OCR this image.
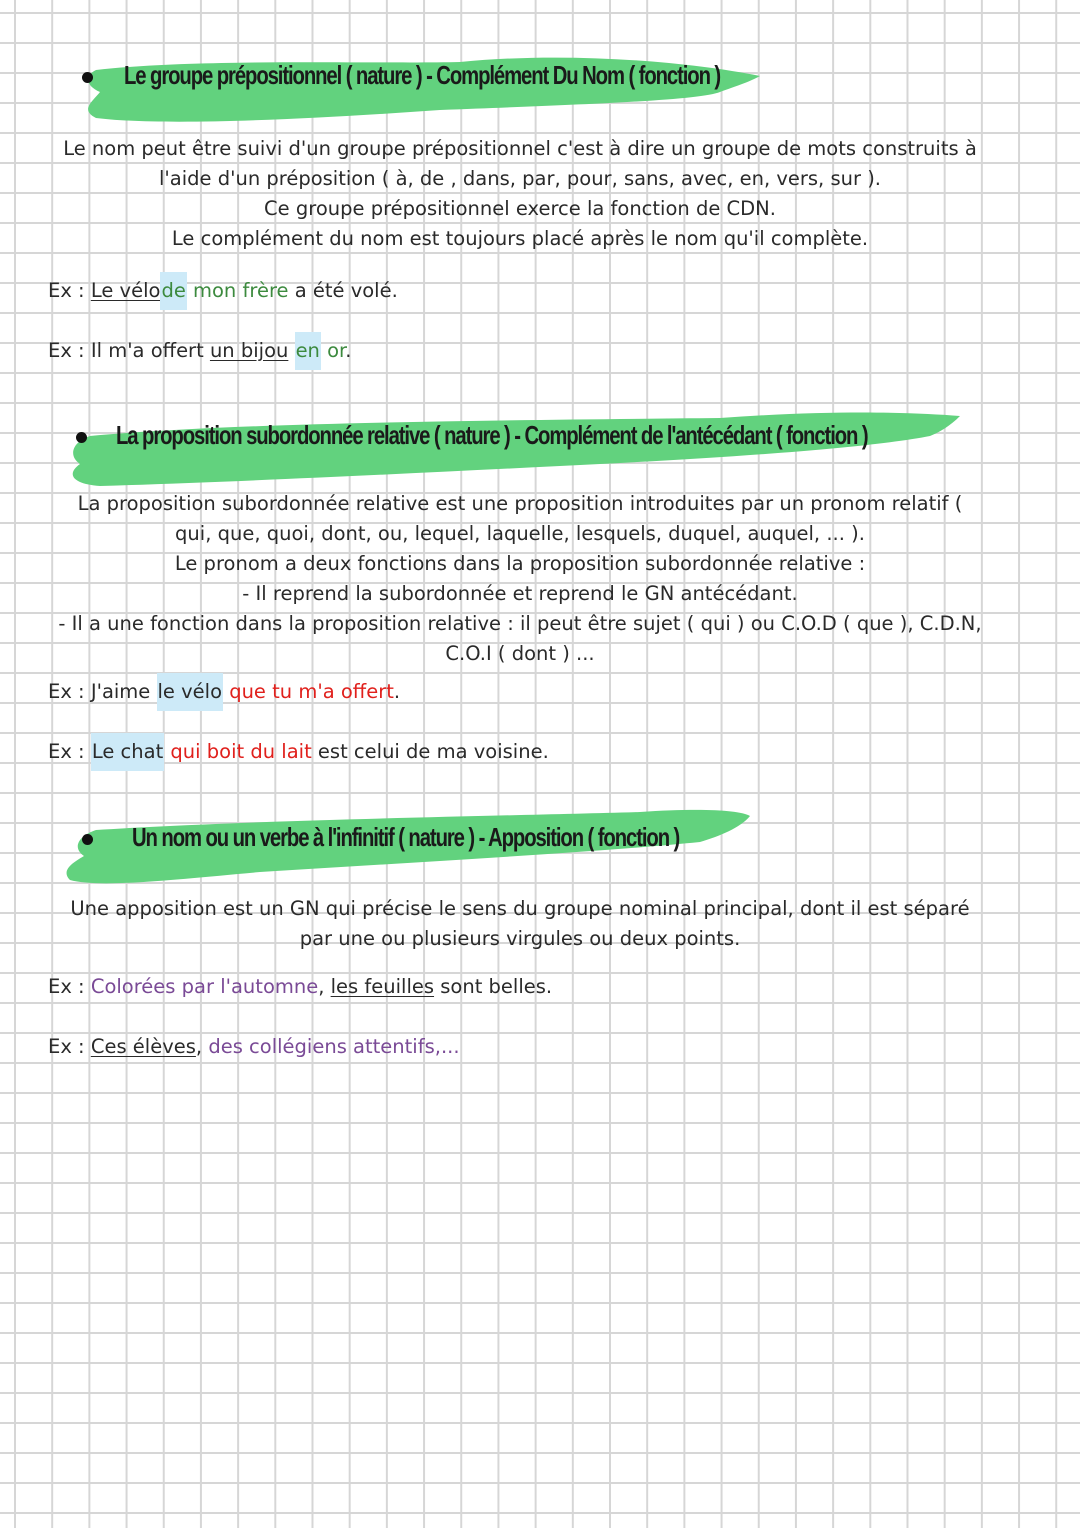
Le groupe prépositionnel ( nature ) - Complément Du Nom ( fonction )
Le nom peut être suivi d'un groupe prépositionnel c'est à dire un groupe de mots construits à
l'aide d'un préposition ( à, de , dans, par, pour, sans, avec, en, vers, sur ).
Ce groupe prépositionnel exerce la fonction de CDN.
Le complément du nom est toujours placé après le nom qu'il complète.
Ex : Le vélode mon frère a été volé.
Ex : Il m'a offert un bijou en or.
La proposition subordonnée relative ( nature ) - Complément de l'antécédant ( fonction )
La proposition subordonnée relative est une proposition introduites par un pronom relatif (
qui, que, quoi, dont, ou, lequel, laquelle, lesquels, duquel, auquel, ... ).
Le pronom a deux fonctions dans la proposition subordonnée relative :
- Il reprend la subordonnée et reprend le GN antécédant.
- Il a une fonction dans la proposition relative : il peut être sujet ( qui ) ou C.O.D ( que ), C.D.N,
C.O.I ( dont ) ...
Ex : J'aime le vélo que tu m'a offert.
Ex : Le chat qui boit du lait est celui de ma voisine.
Un nom ou un verbe à l'infinitif ( nature ) - Apposition ( fonction )
Une apposition est un GN qui précise le sens du groupe nominal principal, dont il est séparé
par une ou plusieurs virgules ou deux points.
Ex : Colorées par l'automne, les feuilles sont belles.
Ex : Ces élèves, des collégiens attentifs,...
